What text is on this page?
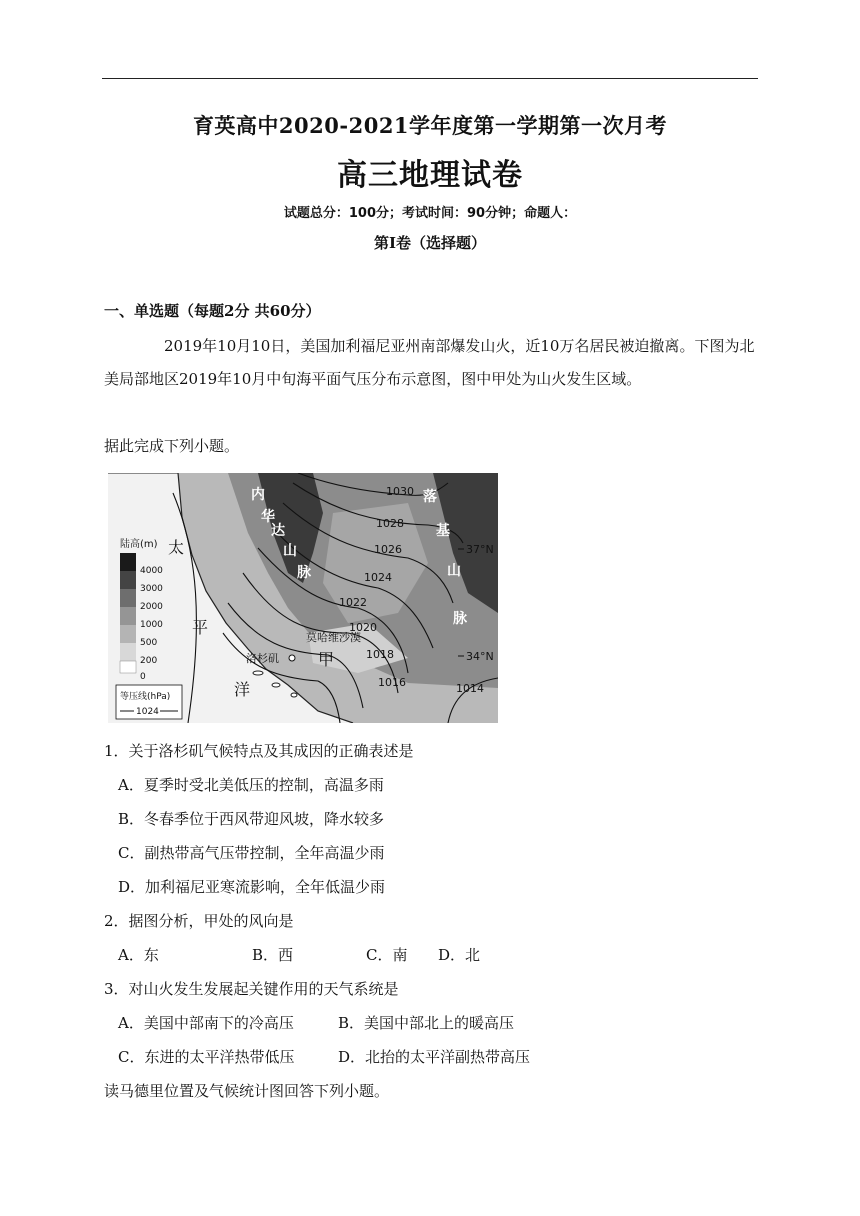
育英高中2020-2021学年度第一学期第一次月考
高三地理试卷
试题总分：100分；考试时间：90分钟；命题人：
第Ⅰ卷（选择题）
一、单选题（每题2分 共60分）
2019年10月10日，美国加利福尼亚州南部爆发山火，近10万名居民被迫撤离。下图为北美局部地区2019年10月中旬海平面气压分布示意图，图中甲处为山火发生区域。
据此完成下列小题。
1030
1028
1026
1024
1022
1020
1018
1016	1014
内
华
达
山
脉
落
基
山
脉
太
平
洋
甲
莫哈维沙漠
洛杉矶
37°N
34°N
陆高(m)
4000
3000
2000
1000
500
200
0
等压线(hPa)
1024
1．关于洛杉矶气候特点及其成因的正确表述是
A．夏季时受北美低压的控制，高温多雨
B．冬春季位于西风带迎风坡，降水较多
C．副热带高气压带控制，全年高温少雨
D．加利福尼亚寒流影响，全年低温少雨
2．据图分析，甲处的风向是
A．东	B．西	C．南 D．北
3．对山火发生发展起关键作用的天气系统是
A．美国中部南下的冷高压	B．美国中部北上的暖高压
C．东进的太平洋热带低压	D．北抬的太平洋副热带高压
读马德里位置及气候统计图回答下列小题。
